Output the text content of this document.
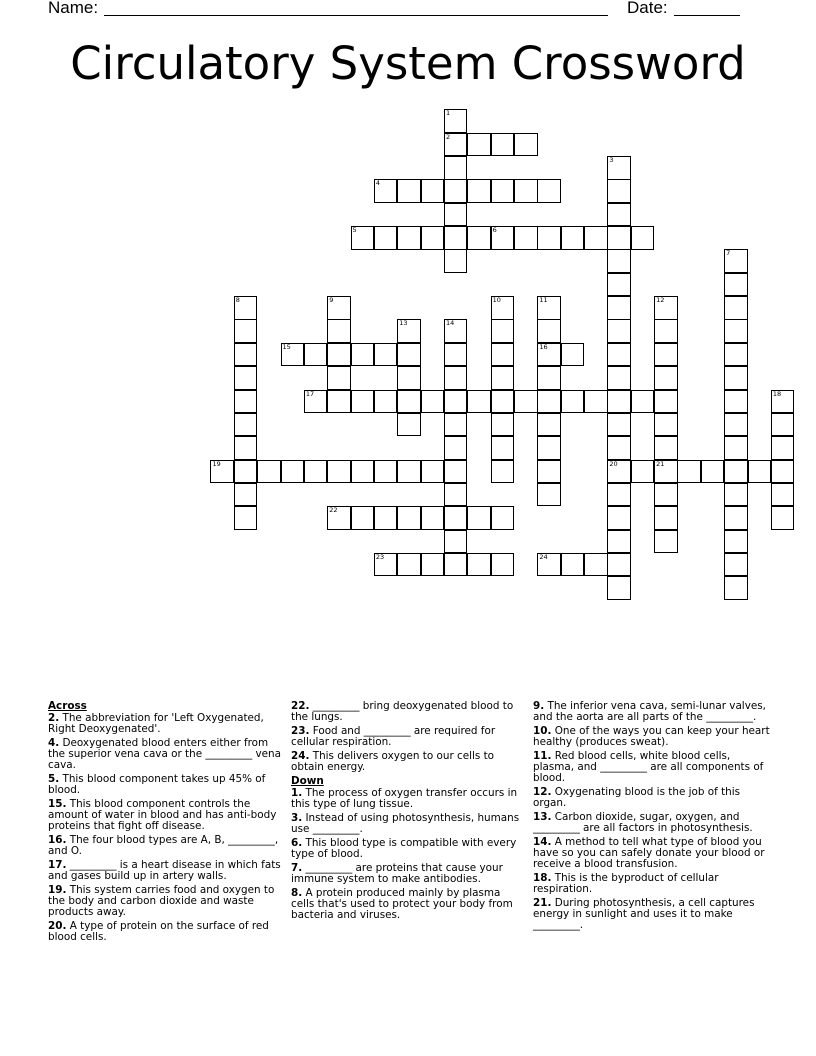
Name:	Date:
Circulatory System Crossword
1
2
3
20
4
5	6
7
8	9	10	11
16
12
21
13	14
15
17	18
19
22
23	24
Across
2. The abbreviation for 'Left Oxygenated, Right Deoxygenated'.
4. Deoxygenated blood enters either from the superior vena cava or the _________ vena cava.
5. This blood component takes up 45% of blood.
15. This blood component controls the amount of water in blood and has anti-body proteins that fight off disease.
16. The four blood types are A, B, _________, and O.
17. _________ is a heart disease in which fats and gases build up in artery walls.
19. This system carries food and oxygen to the body and carbon dioxide and waste products away.
20. A type of protein on the surface of red blood cells.
22. _________ bring deoxygenated blood to the lungs.
23. Food and _________ are required for cellular respiration.
24. This delivers oxygen to our cells to obtain energy.
Down
1. The process of oxygen transfer occurs in this type of lung tissue.
3. Instead of using photosynthesis, humans use _________.
6. This blood type is compatible with every type of blood.
7. _________ are proteins that cause your immune system to make antibodies.
8. A protein produced mainly by plasma cells that's used to protect your body from bacteria and viruses.
9. The inferior vena cava, semi-lunar valves, and the aorta are all parts of the _________.
10. One of the ways you can keep your heart healthy (produces sweat).
11. Red blood cells, white blood cells, plasma, and _________ are all components of blood.
12. Oxygenating blood is the job of this organ.
13. Carbon dioxide, sugar, oxygen, and _________ are all factors in photosynthesis.
14. A method to tell what type of blood you have so you can safely donate your blood or receive a blood transfusion.
18. This is the byproduct of cellular respiration.
21. During photosynthesis, a cell captures energy in sunlight and uses it to make _________.
